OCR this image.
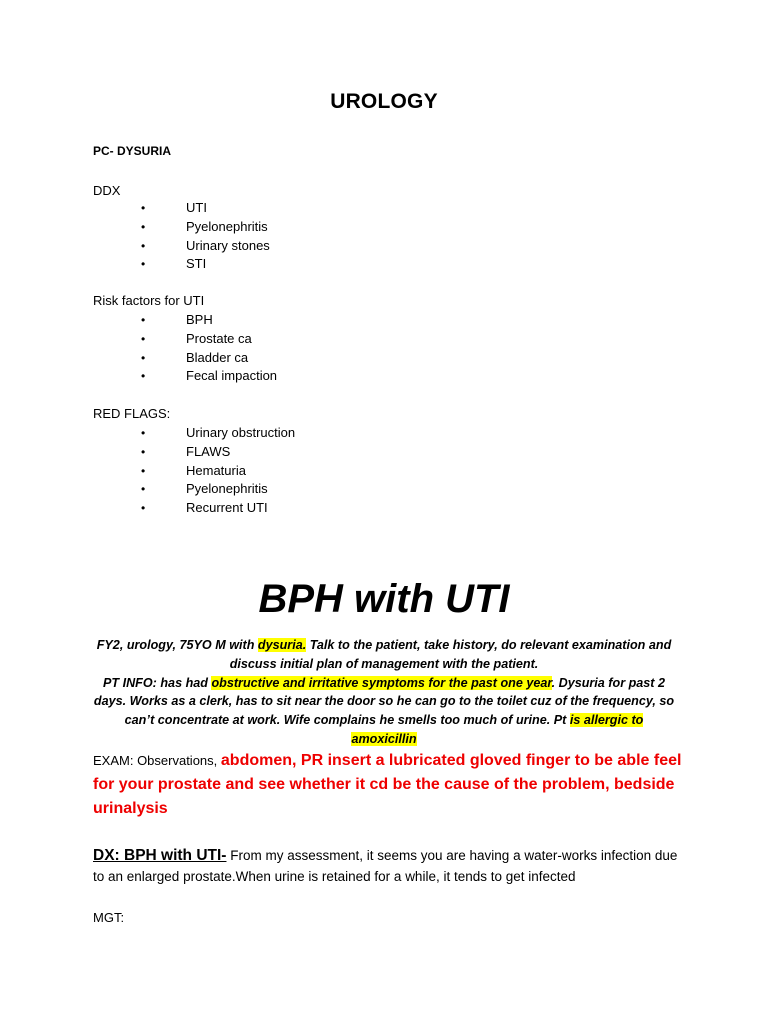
UROLOGY
PC- DYSURIA
DDX
•	UTI
•	Pyelonephritis
•	Urinary stones
•	STI
Risk factors for UTI
•	BPH
•	Prostate ca
•	Bladder ca
•	Fecal impaction
RED FLAGS:
•	Urinary obstruction
•	FLAWS
•	Hematuria
•	Pyelonephritis
•	Recurrent UTI
BPH with UTI
FY2, urology, 75YO M with dysuria. Talk to the patient, take history, do relevant examination and discuss initial plan of management with the patient.
PT INFO: has had obstructive and irritative symptoms for the past one year. Dysuria for past 2 days. Works as a clerk, has to sit near the door so he can go to the toilet cuz of the frequency, so can’t concentrate at work. Wife complains he smells too much of urine. Pt is allergic to amoxicillin
EXAM: Observations, abdomen, PR insert a lubricated gloved finger to be able feel for your prostate and see whether it cd be the cause of the problem, bedside urinalysis
DX: BPH with UTI- From my assessment, it seems you are having a water-works infection due to an enlarged prostate.When urine is retained for a while, it tends to get infected
MGT:
